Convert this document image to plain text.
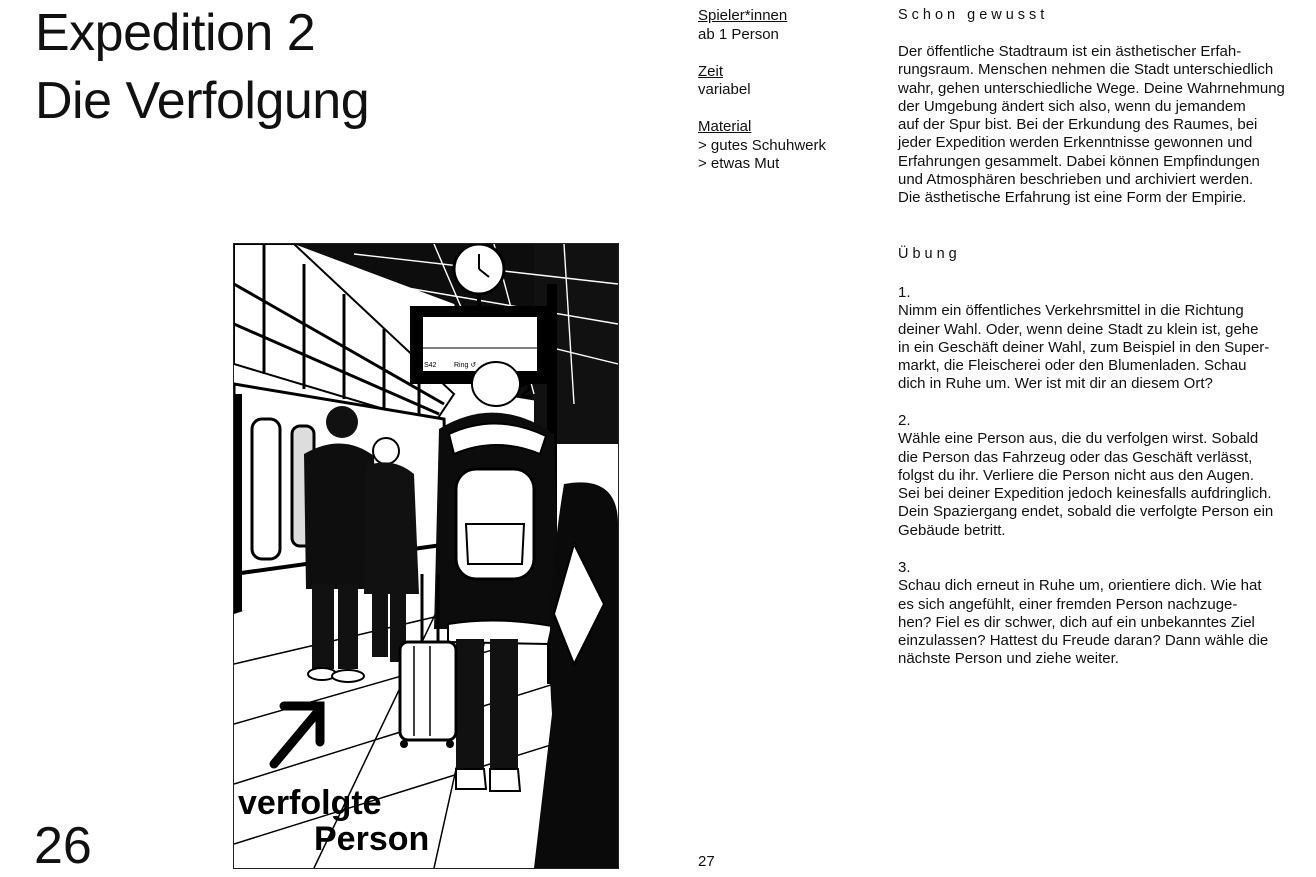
Expedition 2
Die Verfolgung
S42	Ring ↺
2
verfolgte
Person
26
Spieler*innen
ab 1 Person
Zeit
variabel
Material
> gutes Schuhwerk
> etwas Mut
Schon gewusst
Der öffentliche Stadtraum ist ein ästhetischer Erfah-
rungsraum. Menschen nehmen die Stadt unterschiedlich
wahr, gehen unterschiedliche Wege. Deine Wahrnehmung
der Umgebung ändert sich also, wenn du jemandem
auf der Spur bist. Bei der Erkundung des Raumes, bei
jeder Expedition werden Erkenntnisse gewonnen und
Erfahrungen gesammelt. Dabei können Empfindungen
und Atmosphären beschrieben und archiviert werden.
Die ästhetische Erfahrung ist eine Form der Empirie.
Übung
1.
Nimm ein öffentliches Verkehrsmittel in die Richtung
deiner Wahl. Oder, wenn deine Stadt zu klein ist, gehe
in ein Geschäft deiner Wahl, zum Beispiel in den Super-
markt, die Fleischerei oder den Blumenladen. Schau
dich in Ruhe um. Wer ist mit dir an diesem Ort?
2.
Wähle eine Person aus, die du verfolgen wirst. Sobald
die Person das Fahrzeug oder das Geschäft verlässt,
folgst du ihr. Verliere die Person nicht aus den Augen.
Sei bei deiner Expedition jedoch keinesfalls aufdringlich.
Dein Spaziergang endet, sobald die verfolgte Person ein
Gebäude betritt.
3.
Schau dich erneut in Ruhe um, orientiere dich. Wie hat
es sich angefühlt, einer fremden Person nachzuge-
hen? Fiel es dir schwer, dich auf ein unbekanntes Ziel
einzulassen? Hattest du Freude daran? Dann wähle die
nächste Person und ziehe weiter.
27
